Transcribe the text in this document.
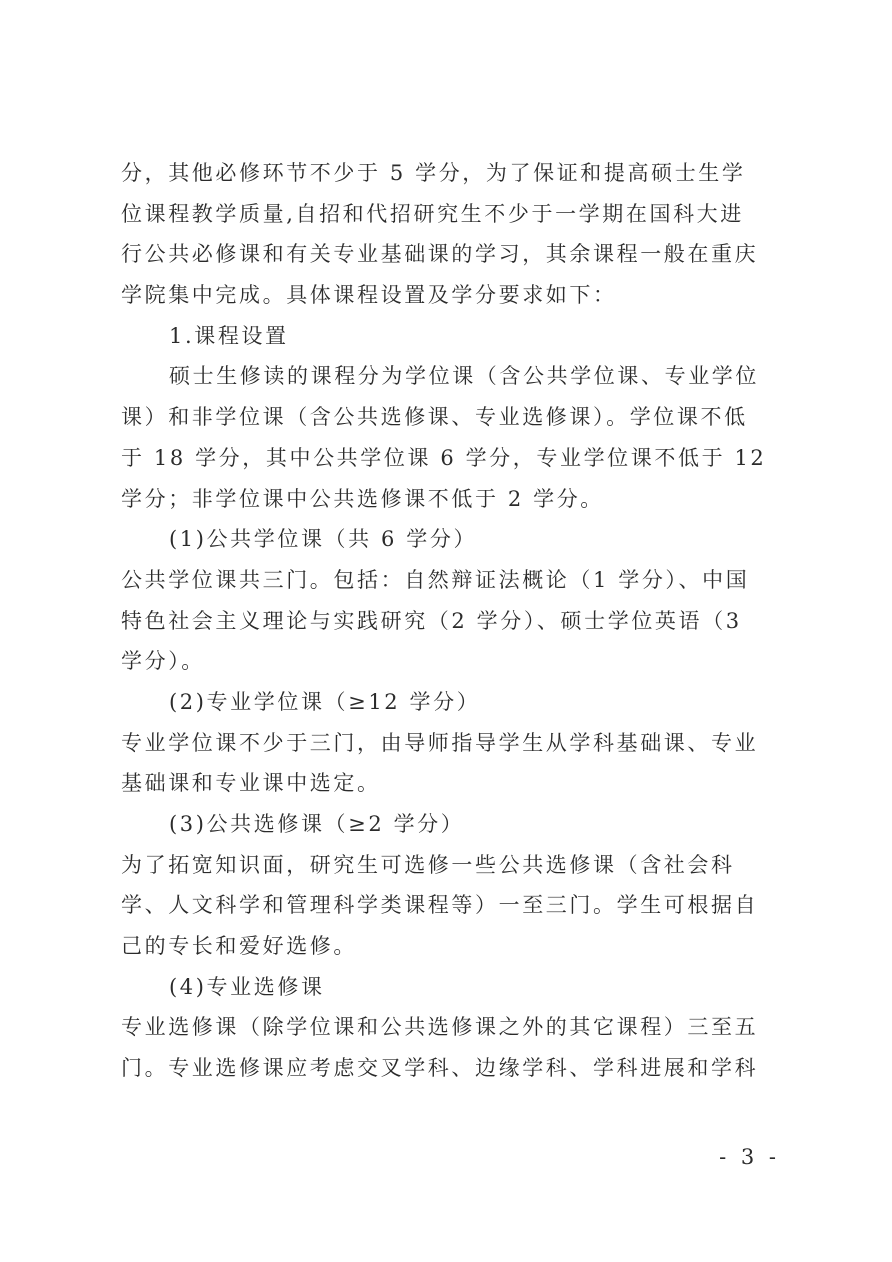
分，其他必修环节不少于 5 学分，为了保证和提高硕士生学
位课程教学质量,自招和代招研究生不少于一学期在国科大进
行公共必修课和有关专业基础课的学习，其余课程一般在重庆
学院集中完成。具体课程设置及学分要求如下：
1.课程设置
硕士生修读的课程分为学位课（含公共学位课、专业学位
课）和非学位课（含公共选修课、专业选修课）。学位课不低
于 18 学分，其中公共学位课 6 学分，专业学位课不低于 12
学分；非学位课中公共选修课不低于 2 学分。
(1)公共学位课（共 6 学分）
公共学位课共三门。包括：自然辩证法概论（1 学分）、中国
特色社会主义理论与实践研究（2 学分）、硕士学位英语（3
学分）。
(2)专业学位课（≥12 学分）
专业学位课不少于三门，由导师指导学生从学科基础课、专业
基础课和专业课中选定。
(3)公共选修课（≥2 学分）
为了拓宽知识面，研究生可选修一些公共选修课（含社会科
学、人文科学和管理科学类课程等）一至三门。学生可根据自
己的专长和爱好选修。
(4)专业选修课
专业选修课（除学位课和公共选修课之外的其它课程）三至五
门。专业选修课应考虑交叉学科、边缘学科、学科进展和学科
- 3 -
